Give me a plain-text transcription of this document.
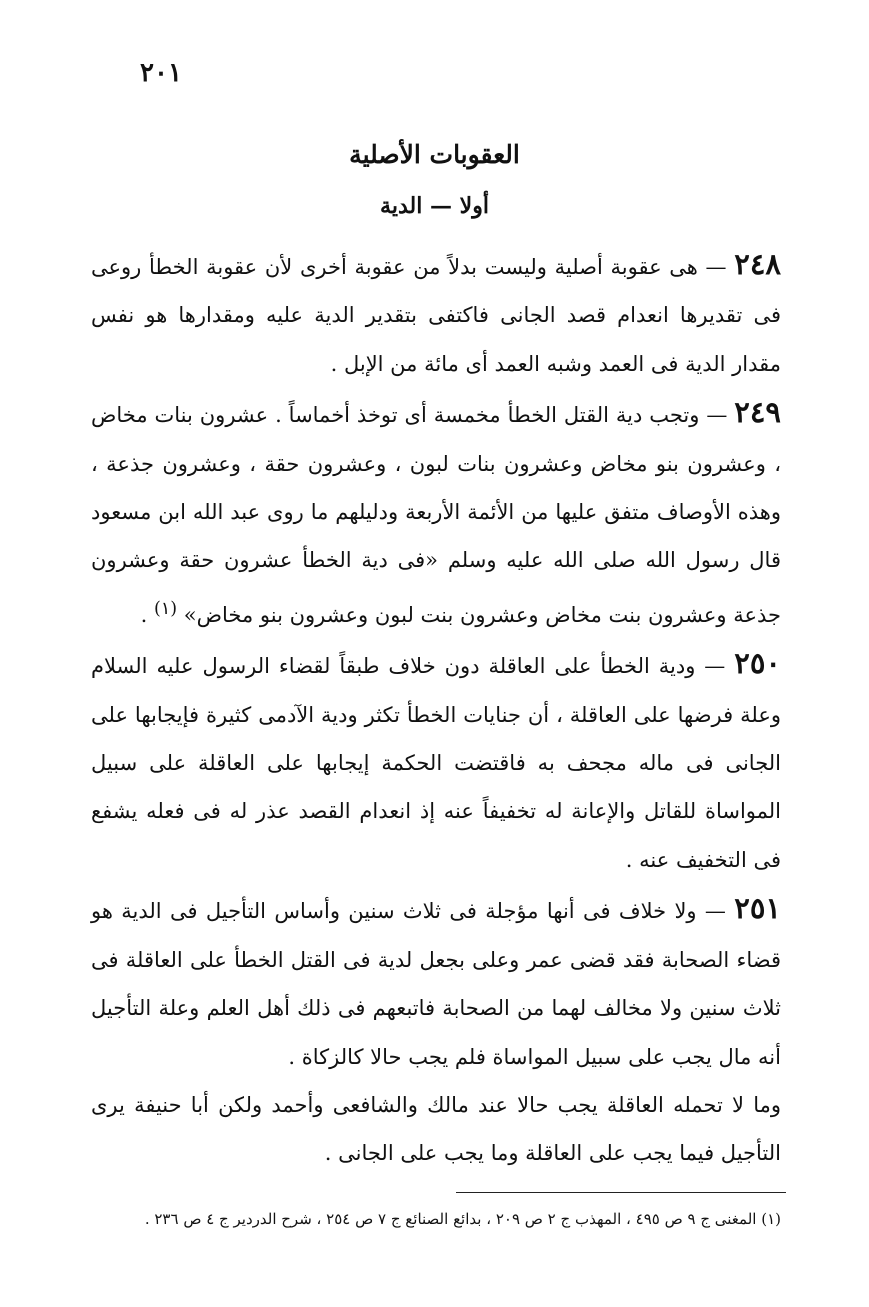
٢٠١
العقوبات الأصلية
أولا — الدية

٢٤٨ — هى عقوبة أصلية وليست بدلاً من عقوبة أخرى لأن عقوبة الخطأ روعى فى تقديرها انعدام قصد الجانى فاكتفى بتقدير الدية عليه ومقدارها هو نفس مقدار الدية فى العمد وشبه العمد أى مائة من الإبل .

٢٤٩ — وتجب دية القتل الخطأ مخمسة أى توخذ أخماساً . عشرون بنات مخاض ، وعشرون بنو مخاض وعشرون بنات لبون ، وعشرون حقة ، وعشرون جذعة ، وهذه الأوصاف متفق عليها من الأئمة الأربعة ودليلهم ما روى عبد الله ابن مسعود قال رسول الله صلى الله عليه وسلم «فى دية الخطأ عشرون حقة وعشرون جذعة وعشرون بنت مخاض وعشرون بنت لبون وعشرون بنو مخاض» $^{(١)}$ .

٢٥٠ — ودية الخطأ على العاقلة دون خلاف طبقاً لقضاء الرسول عليه السلام وعلة فرضها على العاقلة ، أن جنايات الخطأ تكثر ودية الآدمى كثيرة فإيجابها على الجانى فى ماله مجحف به فاقتضت الحكمة إيجابها على العاقلة على سبيل المواساة للقاتل والإعانة له تخفيفاً عنه إذ انعدام القصد عذر له فى فعله يشفع فى التخفيف عنه .

٢٥١ — ولا خلاف فى أنها مؤجلة فى ثلاث سنين وأساس التأجيل فى الدية هو قضاء الصحابة فقد قضى عمر وعلى بجعل لدية فى القتل الخطأ على العاقلة فى ثلاث سنين ولا مخالف لهما من الصحابة فاتبعهم فى ذلك أهل العلم وعلة التأجيل أنه مال يجب على سبيل المواساة فلم يجب حالا كالزكاة .

وما لا تحمله العاقلة يجب حالا عند مالك والشافعى وأحمد ولكن أبا حنيفة يرى التأجيل فيما يجب على العاقلة وما يجب على الجانى .

(١) المغنى ج ٩ ص ٤٩٥ ، المهذب ج ٢ ص ٢٠٩ ، بدائع الصنائع ج ٧ ص ٢٥٤ ، شرح الدردير ج ٤ ص ٢٣٦ .
